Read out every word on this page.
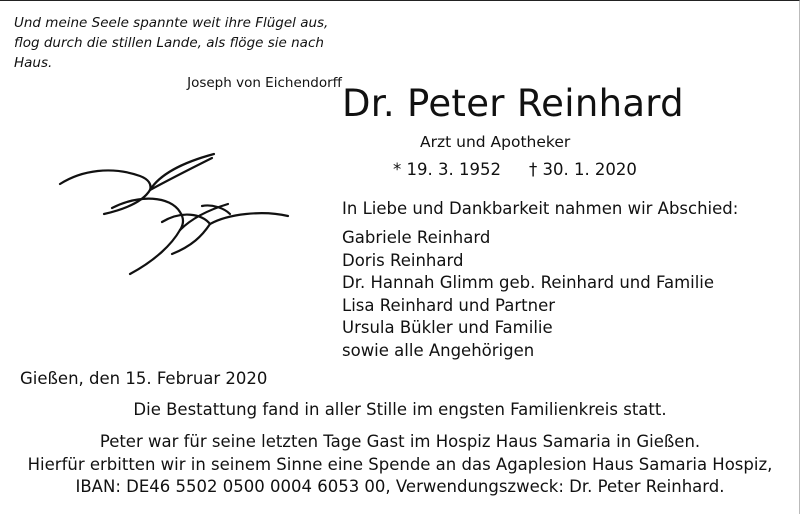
Und meine Seele spannte weit ihre Flügel aus,
flog durch die stillen Lande, als flöge sie nach Haus.
Joseph von Eichendorff Dr. Peter Reinhard
Arzt und Apotheker
* 19. 3. 1952 † 30. 1. 2020
In Liebe und Dankbarkeit nahmen wir Abschied:
Gabriele Reinhard
Doris Reinhard
Dr. Hannah Glimm geb. Reinhard und Familie
Lisa Reinhard und Partner
Ursula Bükler und Familie
sowie alle Angehörigen
Gießen, den 15. Februar 2020
Die Bestattung fand in aller Stille im engsten Familienkreis statt.
Peter war für seine letzten Tage Gast im Hospiz Haus Samaria in Gießen.
Hierfür erbitten wir in seinem Sinne eine Spende an das Agaplesion Haus Samaria Hospiz,
IBAN: DE46 5502 0500 0004 6053 00, Verwendungszweck: Dr. Peter Reinhard.
